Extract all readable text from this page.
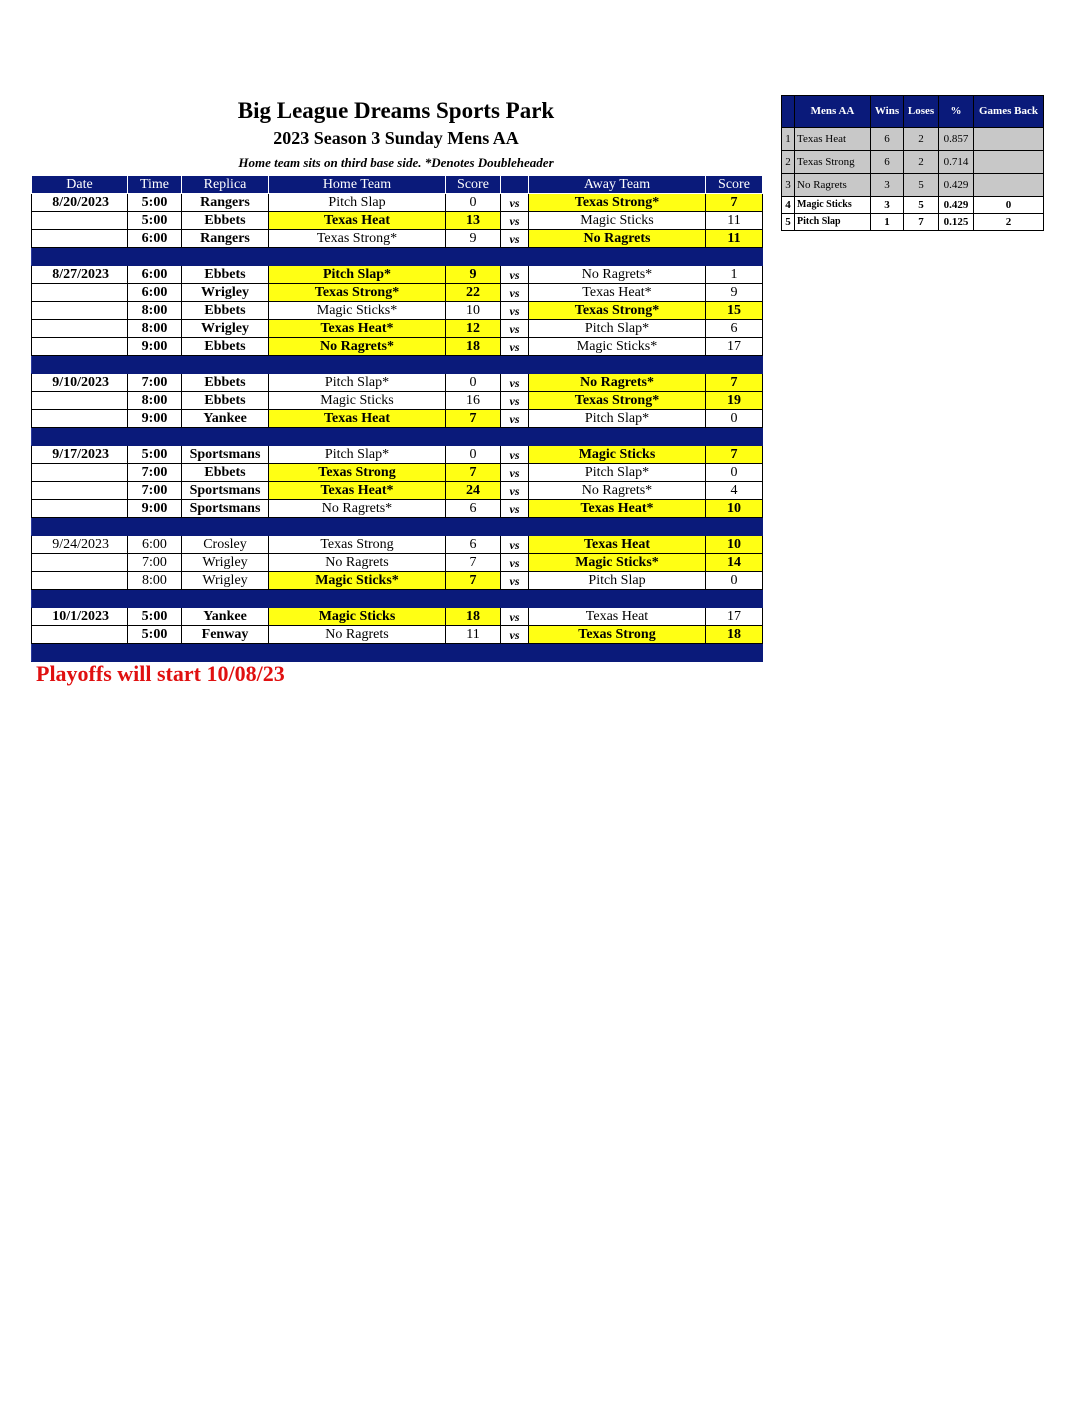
Big League Dreams Sports Park
2023 Season 3 Sunday Mens AA
Home team sits on third base side. *Denotes Doubleheader
Date	Time	Replica	Home Team	Score		Away Team	Score
8/20/2023	5:00	Rangers	Pitch Slap	0	vs	Texas Strong*	7
	5:00	Ebbets	Texas Heat	13	vs	Magic Sticks	11
	6:00	Rangers	Texas Strong*	9	vs	No Ragrets	11

8/27/2023	6:00	Ebbets	Pitch Slap*	9	vs	No Ragrets*	1
	6:00	Wrigley	Texas Strong*	22	vs	Texas Heat*	9
	8:00	Ebbets	Magic Sticks*	10	vs	Texas Strong*	15
	8:00	Wrigley	Texas Heat*	12	vs	Pitch Slap*	6
	9:00	Ebbets	No Ragrets*	18	vs	Magic Sticks*	17

9/10/2023	7:00	Ebbets	Pitch Slap*	0	vs	No Ragrets*	7
	8:00	Ebbets	Magic Sticks	16	vs	Texas Strong*	19
	9:00	Yankee	Texas Heat	7	vs	Pitch Slap*	0

9/17/2023	5:00	Sportsmans	Pitch Slap*	0	vs	Magic Sticks	7
	7:00	Ebbets	Texas Strong	7	vs	Pitch Slap*	0
	7:00	Sportsmans	Texas Heat*	24	vs	No Ragrets*	4
	9:00	Sportsmans	No Ragrets*	6	vs	Texas Heat*	10

9/24/2023	6:00	Crosley	Texas Strong	6	vs	Texas Heat	10
	7:00	Wrigley	No Ragrets	7	vs	Magic Sticks*	14
	8:00	Wrigley	Magic Sticks*	7	vs	Pitch Slap	0

10/1/2023	5:00	Yankee	Magic Sticks	18	vs	Texas Heat	17
	5:00	Fenway	No Ragrets	11	vs	Texas Strong	18

	Mens AA	Wins	Loses	%	Games Back
1	Texas Heat	6	2	0.857	
2	Texas Strong	6	2	0.714	
3	No Ragrets	3	5	0.429	
4	Magic Sticks	3	5	0.429	0
5	Pitch Slap	1	7	0.125	2
Playoffs will start 10/08/23
